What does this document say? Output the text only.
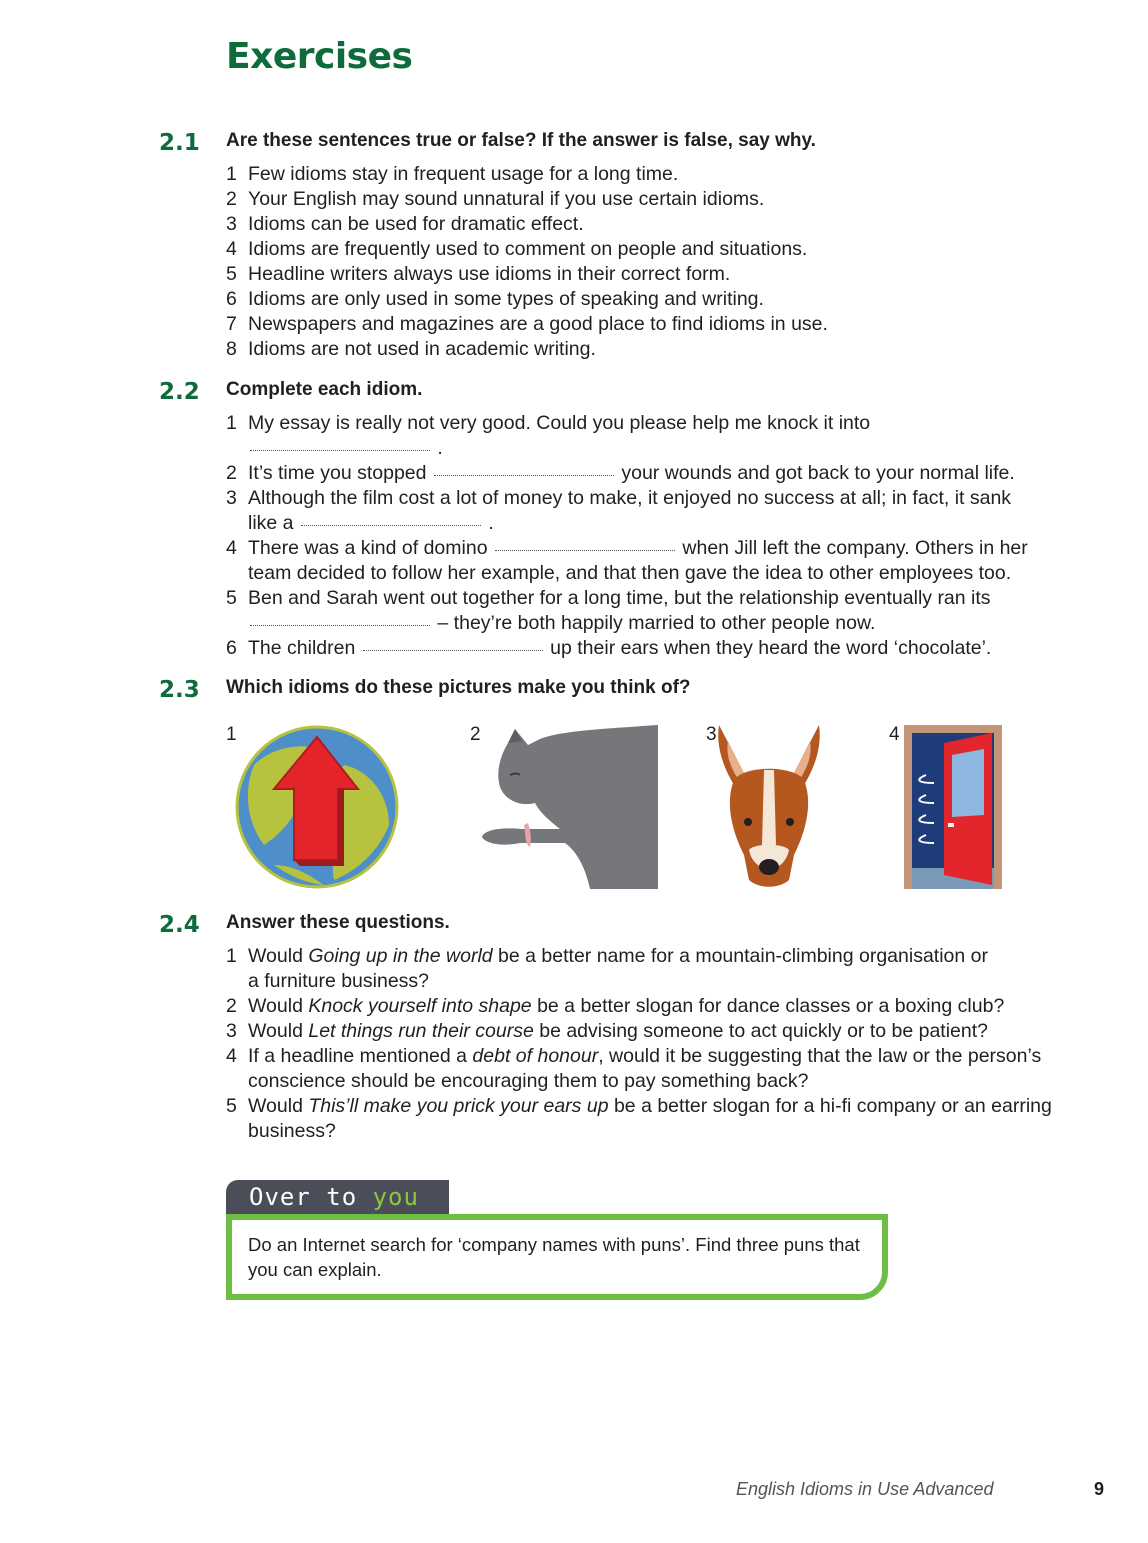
Exercises
2.1 Are these sentences true or false? If the answer is false, say why.
1 Few idioms stay in frequent usage for a long time.
2 Your English may sound unnatural if you use certain idioms.
3 Idioms can be used for dramatic effect.
4 Idioms are frequently used to comment on people and situations.
5 Headline writers always use idioms in their correct form.
6 Idioms are only used in some types of speaking and writing.
7 Newspapers and magazines are a good place to find idioms in use.
8 Idioms are not used in academic writing.
2.2 Complete each idiom.
1 My essay is really not very good. Could you please help me knock it into
.
2 It’s time you stopped	your wounds and got back to your normal life.
3 Although the film cost a lot of money to make, it enjoyed no success at all; in fact, it sank
like a	.
4 There was a kind of domino	when Jill left the company. Others in her
team decided to follow her example, and that then gave the idea to other employees too.
5 Ben and Sarah went out together for a long time, but the relationship eventually ran its
– they’re both happily married to other people now.
6 The children	up their ears when they heard the word ‘chocolate’.
2.3 Which idioms do these pictures make you think of?
1	2	3	4
2.4 Answer these questions.
1 Would Going up in the world be a better name for a mountain-climbing organisation or
a furniture business?
2 Would Knock yourself into shape be a better slogan for dance classes or a boxing club?
3 Would Let things run their course be advising someone to act quickly or to be patient?
4 If a headline mentioned a debt of honour, would it be suggesting that the law or the person’s
conscience should be encouraging them to pay something back?
5 Would This’ll make you prick your ears up be a better slogan for a hi-fi company or an earring
business?
Over to you
Do an Internet search for ‘company names with puns’. Find three puns that
you can explain.
English Idioms in Use Advanced	9
